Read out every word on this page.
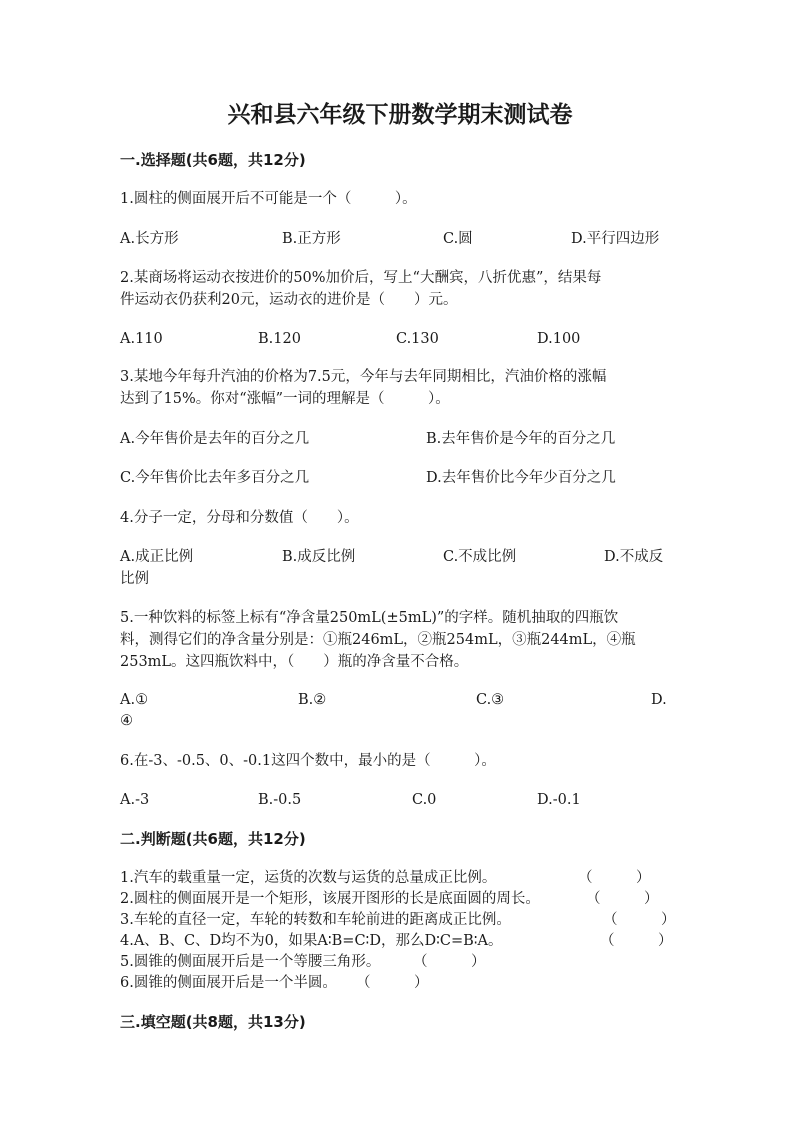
兴和县六年级下册数学期末测试卷
一.选择题(共6题，共12分)
1.圆柱的侧面展开后不可能是一个（　　　）。
A.长方形	B.正方形	C.圆	D.平行四边形
2.某商场将运动衣按进价的50%加价后，写上“大酬宾，八折优惠”，结果每
件运动衣仍获利20元，运动衣的进价是（　　）元。
A.110	B.120	C.130	D.100
3.某地今年每升汽油的价格为7.5元，今年与去年同期相比，汽油价格的涨幅
达到了15%。你对“涨幅”一词的理解是（　　　）。
A.今年售价是去年的百分之几	B.去年售价是今年的百分之几
C.今年售价比去年多百分之几	D.去年售价比今年少百分之几
4.分子一定，分母和分数值（　　）。
A.成正比例	B.成反比例	C.不成比例	D.不成反
比例
5.一种饮料的标签上标有“净含量250mL(±5mL)”的字样。随机抽取的四瓶饮
料，测得它们的净含量分别是：①瓶246mL，②瓶254mL，③瓶244mL，④瓶
253mL。这四瓶饮料中，（　　）瓶的净含量不合格。
A.①	B.②	C.③	D.
④
6.在-3、-0.5、0、-0.1这四个数中，最小的是（　　　）。
A.-3	B.-0.5	C.0	D.-0.1
二.判断题(共6题，共12分)
1.汽车的载重量一定，运货的次数与运货的总量成正比例。	（　　　）
2.圆柱的侧面展开是一个矩形，该展开图形的长是底面圆的周长。	（　　　）
3.车轮的直径一定，车轮的转数和车轮前进的距离成正比例。	（　　　）
4.A、B、C、D均不为0，如果A∶B=C∶D，那么D∶C=B∶A。	（　　　）
5.圆锥的侧面展开后是一个等腰三角形。 （　　　）
6.圆锥的侧面展开后是一个半圆。 （　　　）
三.填空题(共8题，共13分)
